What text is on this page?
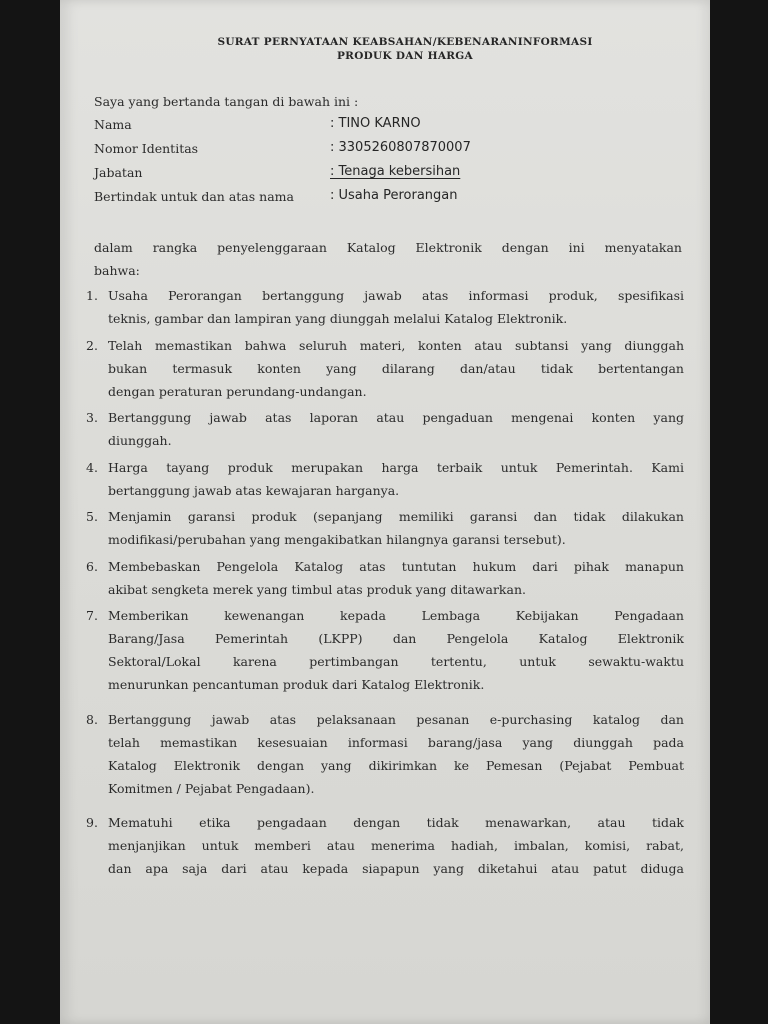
SURAT PERNYATAAN KEABSAHAN/KEBENARANINFORMASI
PRODUK DAN HARGA
Saya yang bertanda tangan di bawah ini :
Nama	: TINO KARNO
Nomor Identitas	: 3305260807870007
Jabatan	: Tenaga kebersihan
Bertindak untuk dan atas nama	: Usaha Perorangan
dalam rangka penyelenggaraan Katalog Elektronik dengan ini menyatakan
bahwa:
1. Usaha Perorangan bertanggung jawab atas informasi produk, spesifikasi
teknis, gambar dan lampiran yang diunggah melalui Katalog Elektronik.
2. Telah memastikan bahwa seluruh materi, konten atau subtansi yang diunggah
bukan termasuk konten yang dilarang dan/atau tidak bertentangan
dengan peraturan perundang-undangan.
3. Bertanggung jawab atas laporan atau pengaduan mengenai konten yang
diunggah.
4. Harga tayang produk merupakan harga terbaik untuk Pemerintah. Kami
bertanggung jawab atas kewajaran harganya.
5. Menjamin garansi produk (sepanjang memiliki garansi dan tidak dilakukan
modifikasi/perubahan yang mengakibatkan hilangnya garansi tersebut).
6. Membebaskan Pengelola Katalog atas tuntutan hukum dari pihak manapun
akibat sengketa merek yang timbul atas produk yang ditawarkan.
7. Memberikan kewenangan kepada Lembaga Kebijakan Pengadaan
Barang/Jasa Pemerintah (LKPP) dan Pengelola Katalog Elektronik
Sektoral/Lokal karena pertimbangan tertentu, untuk sewaktu-waktu
menurunkan pencantuman produk dari Katalog Elektronik.
8. Bertanggung jawab atas pelaksanaan pesanan e-purchasing katalog dan
telah memastikan kesesuaian informasi barang/jasa yang diunggah pada
Katalog Elektronik dengan yang dikirimkan ke Pemesan (Pejabat Pembuat
Komitmen / Pejabat Pengadaan).
9. Mematuhi etika pengadaan dengan tidak menawarkan, atau tidak
menjanjikan untuk memberi atau menerima hadiah, imbalan, komisi, rabat,
dan apa saja dari atau kepada siapapun yang diketahui atau patut diduga
